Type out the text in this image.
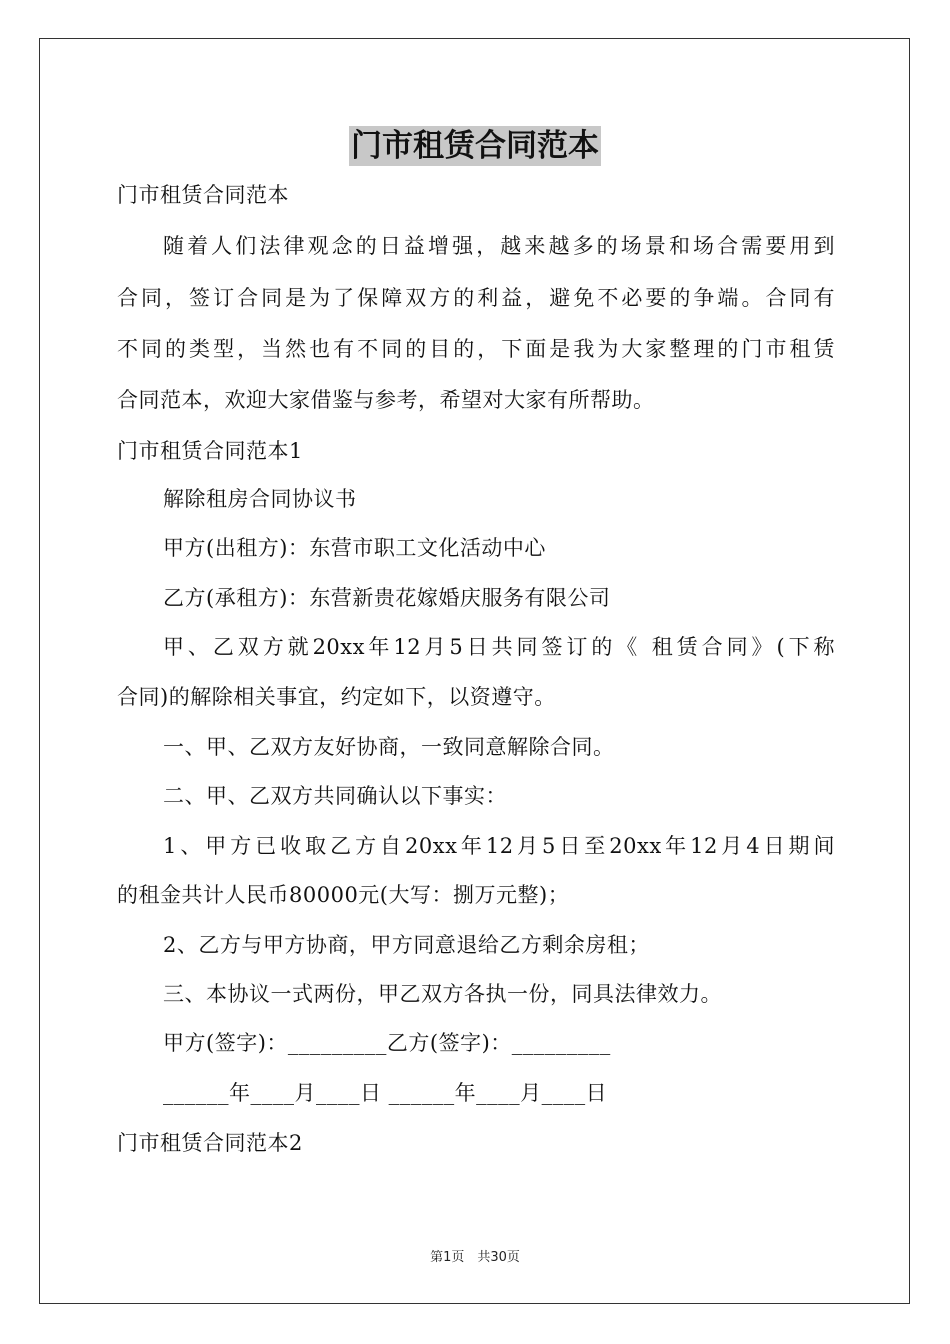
门市租赁合同范本
门市租赁合同范本
随着人们法律观念的日益增强，越来越多的场景和场合需要用到
合同，签订合同是为了保障双方的利益，避免不必要的争端。合同有
不同的类型，当然也有不同的目的，下面是我为大家整理的门市租赁
合同范本，欢迎大家借鉴与参考，希望对大家有所帮助。
门市租赁合同范本1
解除租房合同协议书
甲方(出租方)：东营市职工文化活动中心
乙方(承租方)：东营新贵花嫁婚庆服务有限公司
甲、乙双方就20xx年12月5日共同签订的《 租赁合同》(下称
合同)的解除相关事宜，约定如下，以资遵守。
一、甲、乙双方友好协商，一致同意解除合同。
二、甲、乙双方共同确认以下事实：
1、甲方已收取乙方自20xx年12月5日至20xx年12月4日期间
的租金共计人民币80000元(大写：捌万元整)；
2、乙方与甲方协商，甲方同意退给乙方剩余房租；
三、本协议一式两份，甲乙双方各执一份，同具法律效力。
甲方(签字)：_________乙方(签字)：_________
______年____月____日 ______年____月____日
门市租赁合同范本2
第1页　共30页
